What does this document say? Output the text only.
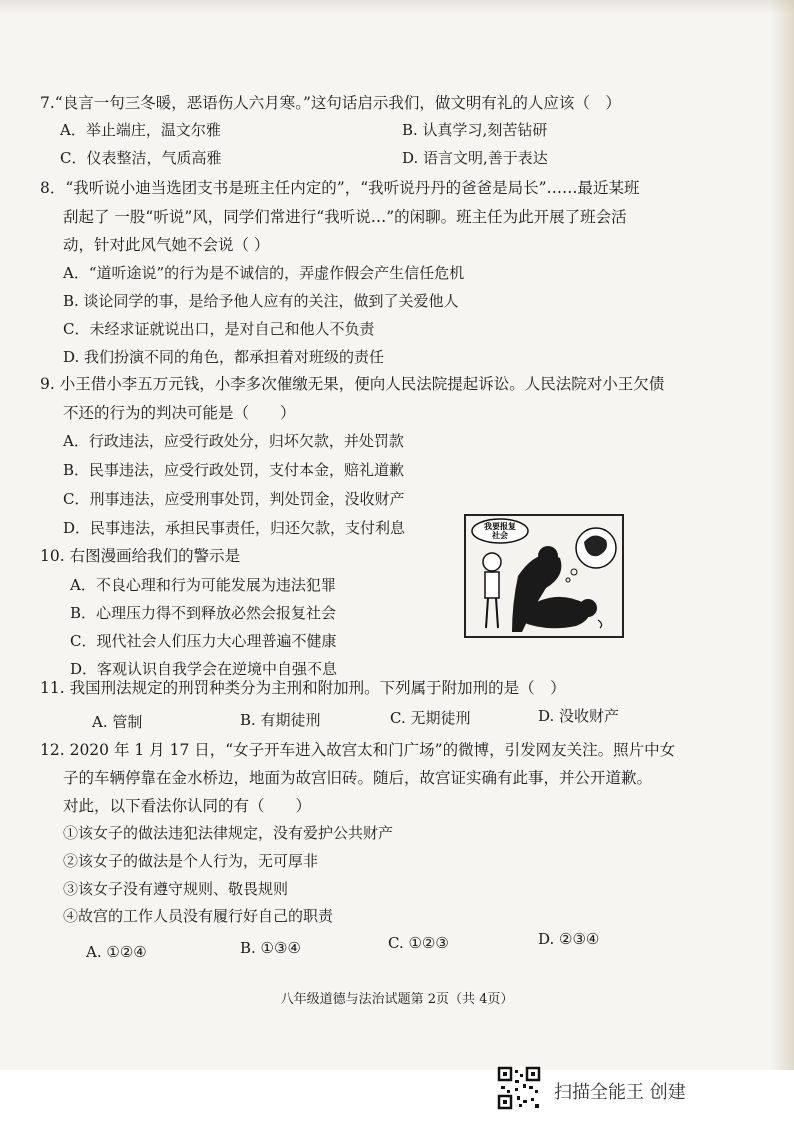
7.“良言一句三冬暖，恶语伤人六月寒。”这句话启示我们，做文明有礼的人应该（　）
A．举止端庄，温文尔雅	B. 认真学习,刻苦钻研
C．仪表整洁，气质高雅	D. 语言文明,善于表达
8．“我听说小迪当选团支书是班主任内定的”，“我听说丹丹的爸爸是局长”……最近某班
刮起了 一股“听说”风，同学们常进行“我听说…”的闲聊。班主任为此开展了班会活
动，针对此风气她不会说（ ）
A．“道听途说”的行为是不诚信的，弄虚作假会产生信任危机
B. 谈论同学的事，是给予他人应有的关注，做到了关爱他人
C．未经求证就说出口，是对自己和他人不负责
D. 我们扮演不同的角色，都承担着对班级的责任
9. 小王借小李五万元钱，小李多次催缴无果，便向人民法院提起诉讼。人民法院对小王欠债
不还的行为的判决可能是（　　）
A．行政违法，应受行政处分，归坏欠款，并处罚款
B．民事违法，应受行政处罚，支付本金，赔礼道歉
C．刑事违法，应受刑事处罚，判处罚金，没收财产
D．民事违法，承担民事责任，归还欠款，支付利息
10. 右图漫画给我们的警示是
A．不良心理和行为可能发展为违法犯罪
B．心理压力得不到释放必然会报复社会
C．现代社会人们压力大心理普遍不健康
D．客观认识自我学会在逆境中自强不息
我要报复
社会
11. 我国刑法规定的刑罚种类分为主刑和附加刑。下列属于附加刑的是（　）
A. 管制	B. 有期徒刑	C. 无期徒刑	D. 没收财产
12. 2020 年 1 月 17 日，“女子开车进入故宫太和门广场”的微博，引发网友关注。照片中女
子的车辆停靠在金水桥边，地面为故宫旧砖。随后，故宫证实确有此事，并公开道歉。
对此，以下看法你认同的有（　　）
①该女子的做法违犯法律规定，没有爱护公共财产
②该女子的做法是个人行为，无可厚非
③该女子没有遵守规则、敬畏规则
④故宫的工作人员没有履行好自己的职责
A. ①②④	B. ①③④	C. ①②③	D. ②③④
八年级道德与法治试题第 2页（共 4页）
扫描全能王 创建
